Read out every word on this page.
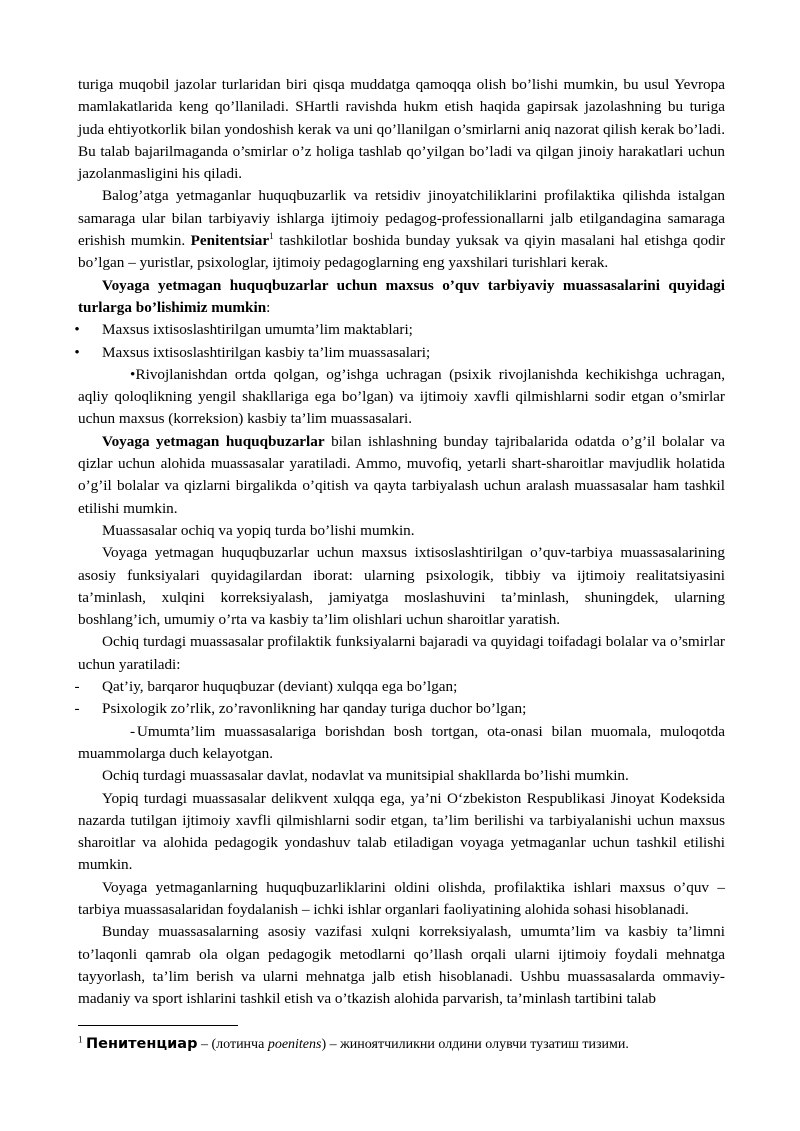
turiga muqobil jazolar turlaridan biri qisqa muddatga qamoqqa olish bo’lishi mumkin, bu usul Yevropa mamlakatlarida keng qo’llaniladi. SHartli ravishda hukm etish haqida gapirsak jazolashning bu turiga juda ehtiyotkorlik bilan yondoshish kerak va uni qo’llanilgan o’smirlarni aniq nazorat qilish kerak bo’ladi. Bu talab bajarilmaganda o’smirlar o’z holiga tashlab qo’yilgan bo’ladi va qilgan jinoiy harakatlari uchun jazolanmasligini his qiladi.

Balog’atga yetmaganlar huquqbuzarlik va retsidiv jinoyatchiliklarini profilaktika qilishda istalgan samaraga ular bilan tarbiyaviy ishlarga ijtimoiy pedagog-professionallarni jalb etilgandagina samaraga erishish mumkin. Penitentsiar$^1$ tashkilotlar boshida bunday yuksak va qiyin masalani hal etishga qodir bo’lgan – yuristlar, psixologlar, ijtimoiy pedagoglarning eng yaxshilari turishlari kerak.

Voyaga yetmagan huquqbuzarlar uchun maxsus o’quv tarbiyaviy muassasalarini quyidagi turlarga bo’lishimiz mumkin:

• Maxsus ixtisoslashtirilgan umumta’lim maktablari;
• Maxsus ixtisoslashtirilgan kasbiy ta’lim muassasalari;
• Rivojlanishdan ortda qolgan, og’ishga uchragan (psixik rivojlanishda kechikishga uchragan, aqliy qoloqlikning yengil shakllariga ega bo’lgan) va ijtimoiy xavfli qilmishlarni sodir etgan o’smirlar uchun maxsus (korreksion) kasbiy ta’lim muassasalari.

Voyaga yetmagan huquqbuzarlar bilan ishlashning bunday tajribalarida odatda o’g’il bolalar va qizlar uchun alohida muassasalar yaratiladi. Ammo, muvofiq, yetarli shart-sharoitlar mavjudlik holatida o’g’il bolalar va qizlarni birgalikda o’qitish va qayta tarbiyalash uchun aralash muassasalar ham tashkil etilishi mumkin.

Muassasalar ochiq va yopiq turda bo’lishi mumkin.

Voyaga yetmagan huquqbuzarlar uchun maxsus ixtisoslashtirilgan o’quv-tarbiya muassasalarining asosiy funksiyalari quyidagilardan iborat: ularning psixologik, tibbiy va ijtimoiy realitatsiyasini ta’minlash, xulqini korreksiyalash, jamiyatga moslashuvini ta’minlash, shuningdek, ularning boshlang’ich, umumiy o’rta va kasbiy ta’lim olishlari uchun sharoitlar yaratish.

Ochiq turdagi muassasalar profilaktik funksiyalarni bajaradi va quyidagi toifadagi bolalar va o’smirlar uchun yaratiladi:

- Qat’iy, barqaror huquqbuzar (deviant) xulqqa ega bo’lgan;
- Psixologik zo’rlik, zo’ravonlikning har qanday turiga duchor bo’lgan;
- Umumta’lim muassasalariga borishdan bosh tortgan, ota-onasi bilan muomala, muloqotda muammolarga duch kelayotgan.

Ochiq turdagi muassasalar davlat, nodavlat va munitsipial shakllarda bo’lishi mumkin.

Yopiq turdagi muassasalar delikvent xulqqa ega, ya’ni O‘zbekiston Respublikasi Jinoyat Kodeksida nazarda tutilgan ijtimoiy xavfli qilmishlarni sodir etgan, ta’lim berilishi va tarbiyalanishi uchun maxsus sharoitlar va alohida pedagogik yondashuv talab etiladigan voyaga yetmaganlar uchun tashkil etilishi mumkin.

Voyaga yetmaganlarning huquqbuzarliklarini oldini olishda, profilaktika ishlari maxsus o’quv – tarbiya muassasalaridan foydalanish – ichki ishlar organlari faoliyatining alohida sohasi hisoblanadi.

Bunday muassasalarning asosiy vazifasi xulqni korreksiyalash, umumta’lim va kasbiy ta’limni to’laqonli qamrab ola olgan pedagogik metodlarni qo’llash orqali ularni ijtimoiy foydali mehnatga tayyorlash, ta’lim berish va ularni mehnatga jalb etish hisoblanadi. Ushbu muassasalarda ommaviy-madaniy va sport ishlarini tashkil etish va o’tkazish alohida parvarish, ta’minlash tartibini talab

$^1$ Пенитенциар – (лотинча poenitens) – жиноятчиликни олдини олувчи тузатиш тизими.
